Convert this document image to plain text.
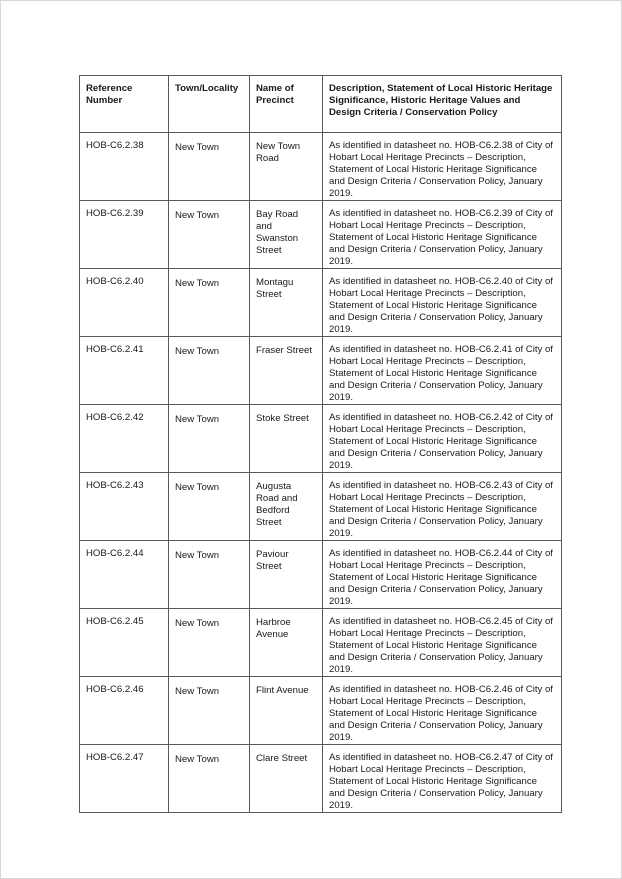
Reference Number	Town/Locality	Name of Precinct	Description, Statement of Local Historic Heritage Significance, Historic Heritage Values and Design Criteria / Conservation Policy
HOB-C6.2.38	New Town	New Town Road	As identified in datasheet no. HOB-C6.2.38 of City of Hobart Local Heritage Precincts – Description, Statement of Local Historic Heritage Significance and Design Criteria / Conservation Policy, January 2019.
HOB-C6.2.39	New Town	Bay Road and Swanston Street	As identified in datasheet no. HOB-C6.2.39 of City of Hobart Local Heritage Precincts – Description, Statement of Local Historic Heritage Significance and Design Criteria / Conservation Policy, January 2019.
HOB-C6.2.40	New Town	Montagu Street	As identified in datasheet no. HOB-C6.2.40 of City of Hobart Local Heritage Precincts – Description, Statement of Local Historic Heritage Significance and Design Criteria / Conservation Policy, January 2019.
HOB-C6.2.41	New Town	Fraser Street	As identified in datasheet no. HOB-C6.2.41 of City of Hobart Local Heritage Precincts – Description, Statement of Local Historic Heritage Significance and Design Criteria / Conservation Policy, January 2019.
HOB-C6.2.42	New Town	Stoke Street	As identified in datasheet no. HOB-C6.2.42 of City of Hobart Local Heritage Precincts – Description, Statement of Local Historic Heritage Significance and Design Criteria / Conservation Policy, January 2019.
HOB-C6.2.43	New Town	Augusta Road and Bedford Street	As identified in datasheet no. HOB-C6.2.43 of City of Hobart Local Heritage Precincts – Description, Statement of Local Historic Heritage Significance and Design Criteria / Conservation Policy, January 2019.
HOB-C6.2.44	New Town	Paviour Street	As identified in datasheet no. HOB-C6.2.44 of City of Hobart Local Heritage Precincts – Description, Statement of Local Historic Heritage Significance and Design Criteria / Conservation Policy, January 2019.
HOB-C6.2.45	New Town	Harbroe Avenue	As identified in datasheet no. HOB-C6.2.45 of City of Hobart Local Heritage Precincts – Description, Statement of Local Historic Heritage Significance and Design Criteria / Conservation Policy, January 2019.
HOB-C6.2.46	New Town	Flint Avenue	As identified in datasheet no. HOB-C6.2.46 of City of Hobart Local Heritage Precincts – Description, Statement of Local Historic Heritage Significance and Design Criteria / Conservation Policy, January 2019.
HOB-C6.2.47	New Town	Clare Street	As identified in datasheet no. HOB-C6.2.47 of City of Hobart Local Heritage Precincts – Description, Statement of Local Historic Heritage Significance and Design Criteria / Conservation Policy, January 2019.
